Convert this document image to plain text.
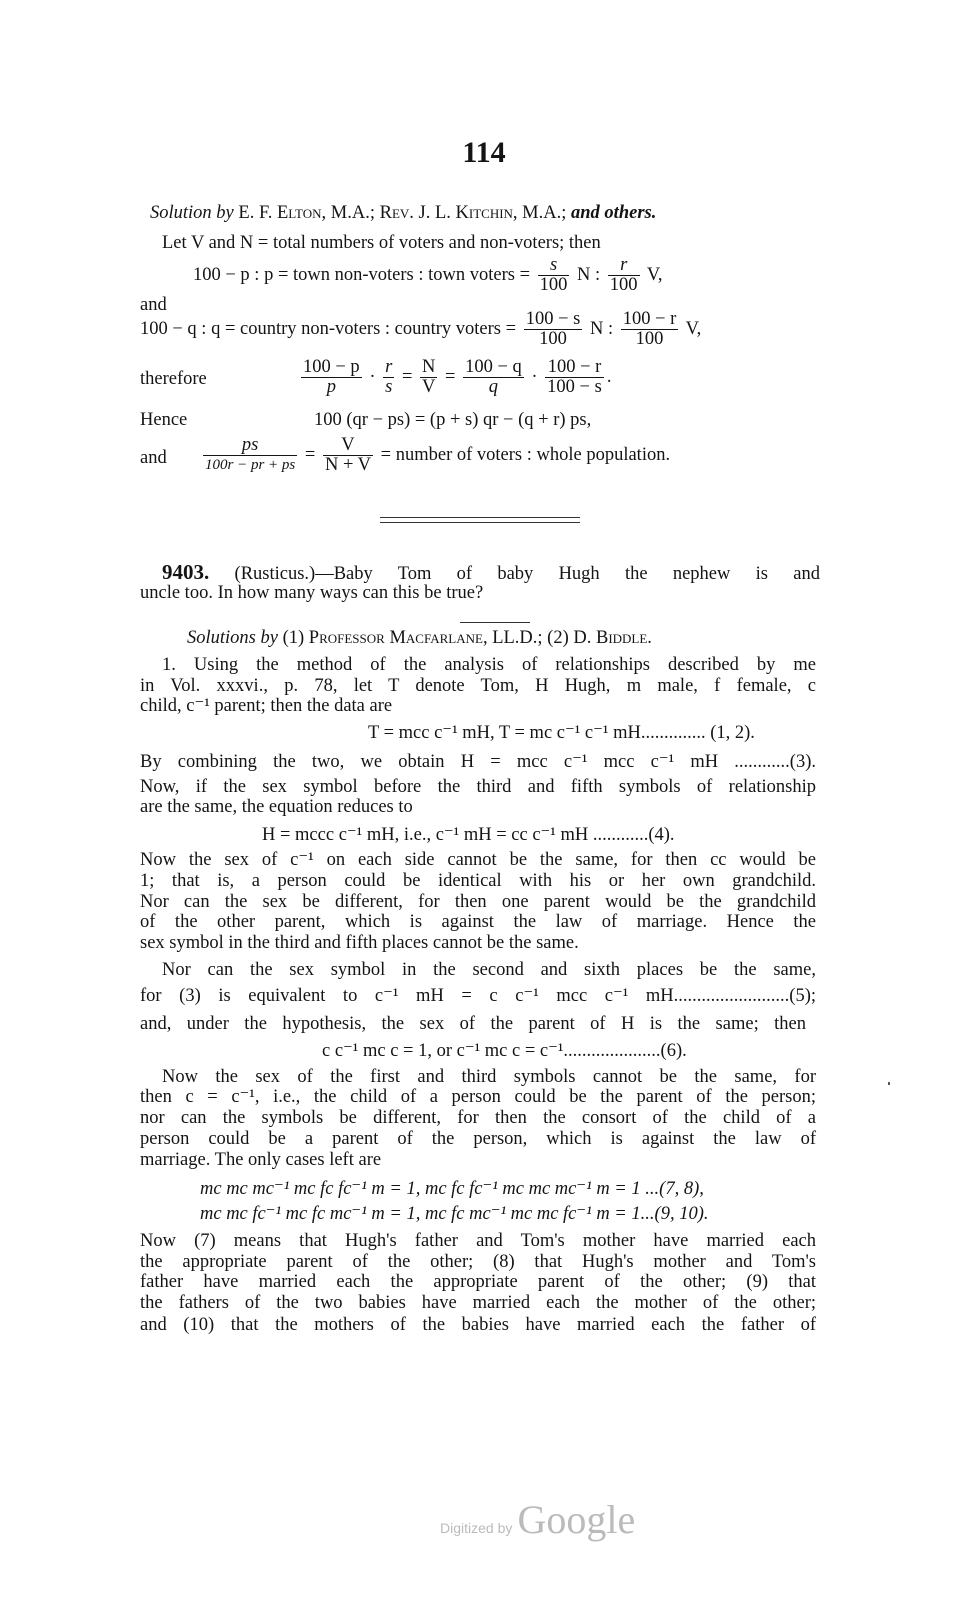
114
Solution by E. F. Elton, M.A.; Rev. J. L. Kitchin, M.A.; and others.
Let V and N = total numbers of voters and non-voters; then
100 − p : p = town non-voters : town voters = $\frac{s}{100}$ N : $\frac{r}{100} V$,
and
100 − q : q = country non-voters : country voters = $\frac{100 - s}{100}$ N : $\frac{100 - r}{100} V$,
therefore	$\frac{100 - p}{p} \cdot \frac{r}{s} = \frac{N}{V} = \frac{100 - q}{q} \cdot \frac{100 - r}{100 - s}$ .
Hence	100 (qr − ps) = (p + s) qr − (q + r) ps,
and $\frac{ps}{100r - pr + ps} = \frac{V}{N + V}$ = number of voters : whole population.
9403. (Rusticus.)—Baby Tom of baby Hugh the nephew is and
uncle too. In how many ways can this be true?
Solutions by (1) Professor Macfarlane, LL.D.; (2) D. Biddle.
1. Using the method of the analysis of relationships described by me
in Vol. xxxvi., p. 78, let T denote Tom, H Hugh, m male, f female, c
child, c⁻¹ parent; then the data are
T = mcc c⁻¹ mH, T = mc c⁻¹ c⁻¹ mH.............. (1, 2).
By combining the two, we obtain H = mcc c⁻¹ mcc c⁻¹ mH ............(3).
Now, if the sex symbol before the third and fifth symbols of relationship
are the same, the equation reduces to
H = mccc c⁻¹ mH, i.e., c⁻¹ mH = cc c⁻¹ mH ............(4).
Now the sex of c⁻¹ on each side cannot be the same, for then cc would be
1; that is, a person could be identical with his or her own grandchild.
Nor can the sex be different, for then one parent would be the grandchild
of the other parent, which is against the law of marriage. Hence the
sex symbol in the third and fifth places cannot be the same.
Nor can the sex symbol in the second and sixth places be the same,
for (3) is equivalent to c⁻¹ mH = c c⁻¹ mcc c⁻¹ mH.........................(5);
and, under the hypothesis, the sex of the parent of H is the same; then
c c⁻¹ mc c = 1, or c⁻¹ mc c = c⁻¹.....................(6).
Now the sex of the first and third symbols cannot be the same, for
then c = c⁻¹, i.e., the child of a person could be the parent of the person;
nor can the symbols be different, for then the consort of the child of a
person could be a parent of the person, which is against the law of
marriage. The only cases left are
mc mc mc⁻¹ mc fc fc⁻¹ m = 1, mc fc fc⁻¹ mc mc mc⁻¹ m = 1 ...(7, 8),
mc mc fc⁻¹ mc fc mc⁻¹ m = 1, mc fc mc⁻¹ mc mc fc⁻¹ m = 1...(9, 10).
Now (7) means that Hugh's father and Tom's mother have married each
the appropriate parent of the other; (8) that Hugh's mother and Tom's
father have married each the appropriate parent of the other; (9) that
the fathers of the two babies have married each the mother of the other;
and (10) that the mothers of the babies have married each the father of
Digitized by Google
